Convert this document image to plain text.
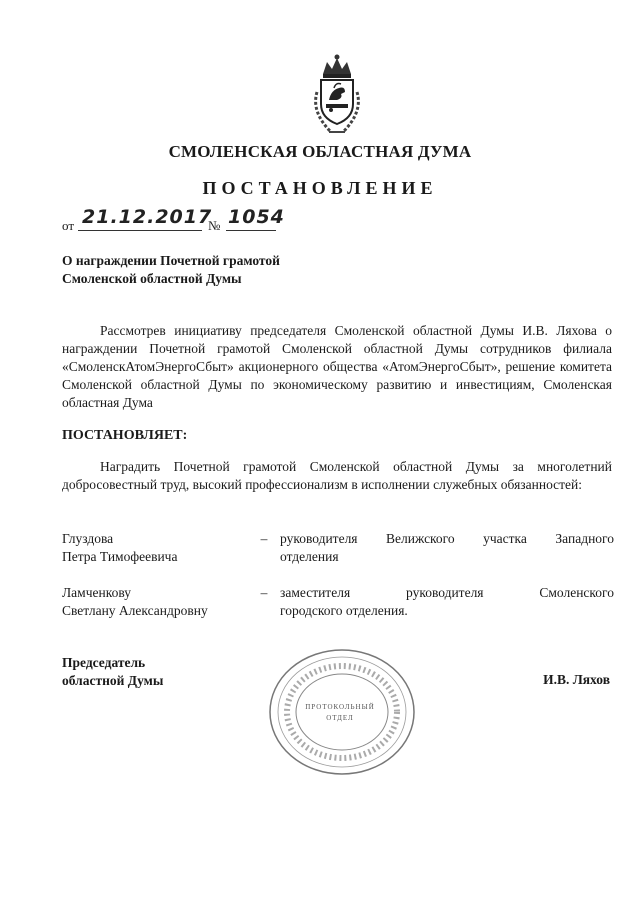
СМОЛЕНСКАЯ ОБЛАСТНАЯ ДУМА
ПОСТАНОВЛЕНИЕ
от 21.12.2017
№ 1054
О награждении Почетной грамотой
Смоленской областной Думы
Рассмотрев инициативу председателя Смоленской областной Думы И.В. Ляхова о награждении Почетной грамотой Смоленской областной Думы сотрудников филиала «СмоленскАтомЭнергоСбыт» акционерного общества «АтомЭнергоСбыт», решение комитета Смоленской областной Думы по экономическому развитию и инвестициям, Смоленская областная Дума
ПОСТАНОВЛЯЕТ:
Наградить Почетной грамотой Смоленской областной Думы за многолетний добросовестный труд, высокий профессионализм в исполнении служебных обязанностей:
Глуздова
Петра Тимофеевича
– руководителя Велижского участка Западного
отделения
Ламченкову
Светлану Александровну
– заместителя руководителя Смоленского
городского отделения.
Председатель
областной Думы
ПРОТОКОЛЬНЫЙ
ОТДЕЛ
И.В. Ляхов
